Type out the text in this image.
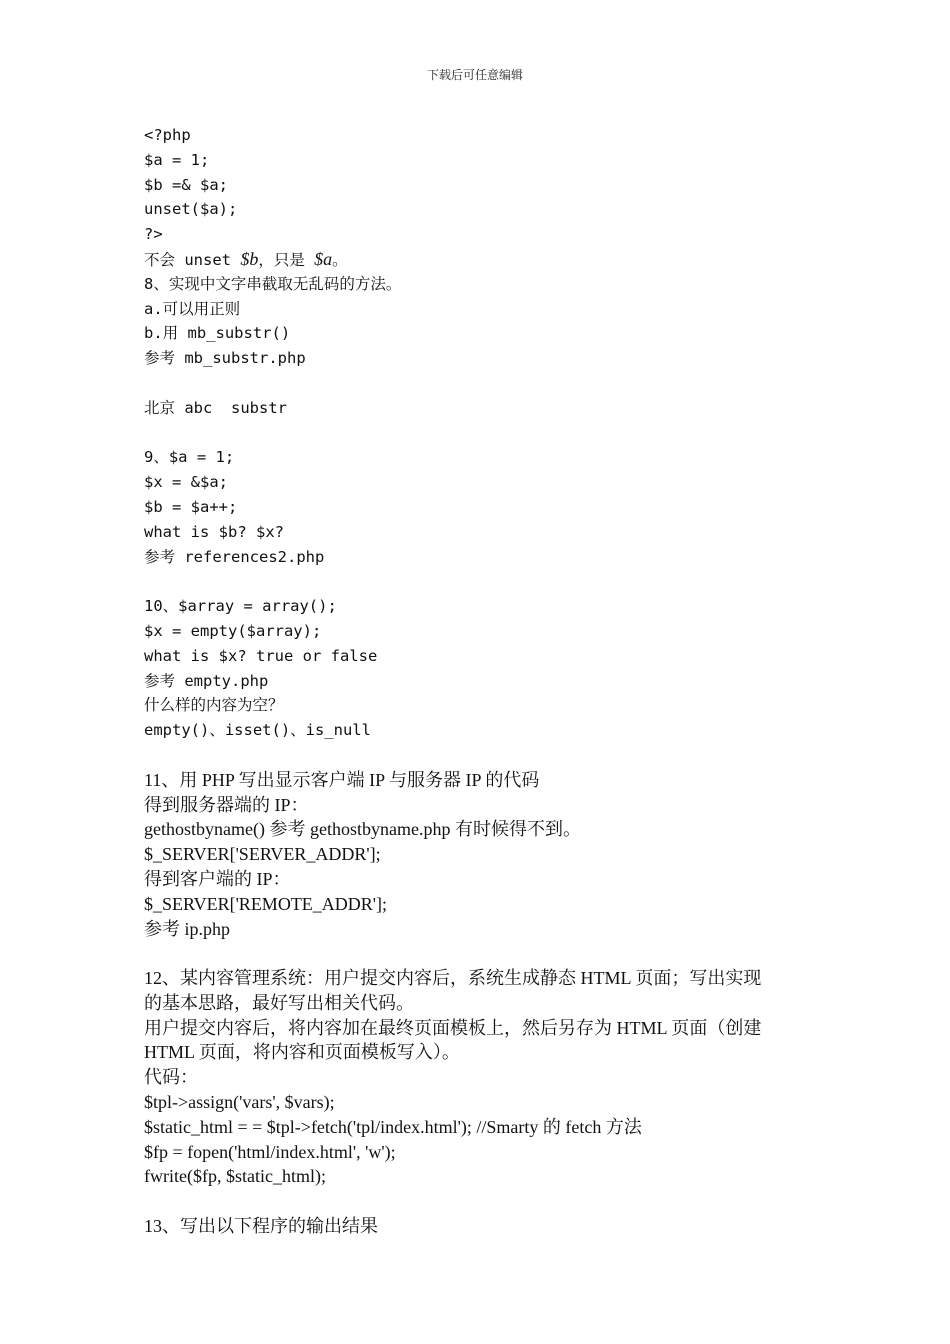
下载后可任意编辑
<?php
$a = 1;
$b =& $a;
unset($a);
?>
不会 unset $b，只是 $a。
8、实现中文字串截取无乱码的方法。
a.可以用正则
b.用 mb_substr()
参考 mb_substr.php
北京 abc  substr
9、$a = 1;
$x = &$a;
$b = $a++;
what is $b? $x?
参考 references2.php
10、$array = array();
$x = empty($array);
what is $x? true or false
参考 empty.php
什么样的内容为空？
empty()、isset()、is_null
11、用 PHP 写出显示客户端 IP 与服务器 IP 的代码
得到服务器端的 IP：
gethostbyname() 参考 gethostbyname.php 有时候得不到。
$_SERVER['SERVER_ADDR'];
得到客户端的 IP：
$_SERVER['REMOTE_ADDR'];
参考 ip.php
12、某内容管理系统：用户提交内容后，系统生成静态 HTML 页面；写出实现
的基本思路，最好写出相关代码。
用户提交内容后，将内容加在最终页面模板上，然后另存为 HTML 页面（创建
HTML 页面，将内容和页面模板写入）。
代码：
$tpl->assign('vars', $vars);
$static_html = = $tpl->fetch('tpl/index.html'); //Smarty 的 fetch 方法
$fp = fopen('html/index.html', 'w');
fwrite($fp, $static_html);
13、写出以下程序的输出结果
